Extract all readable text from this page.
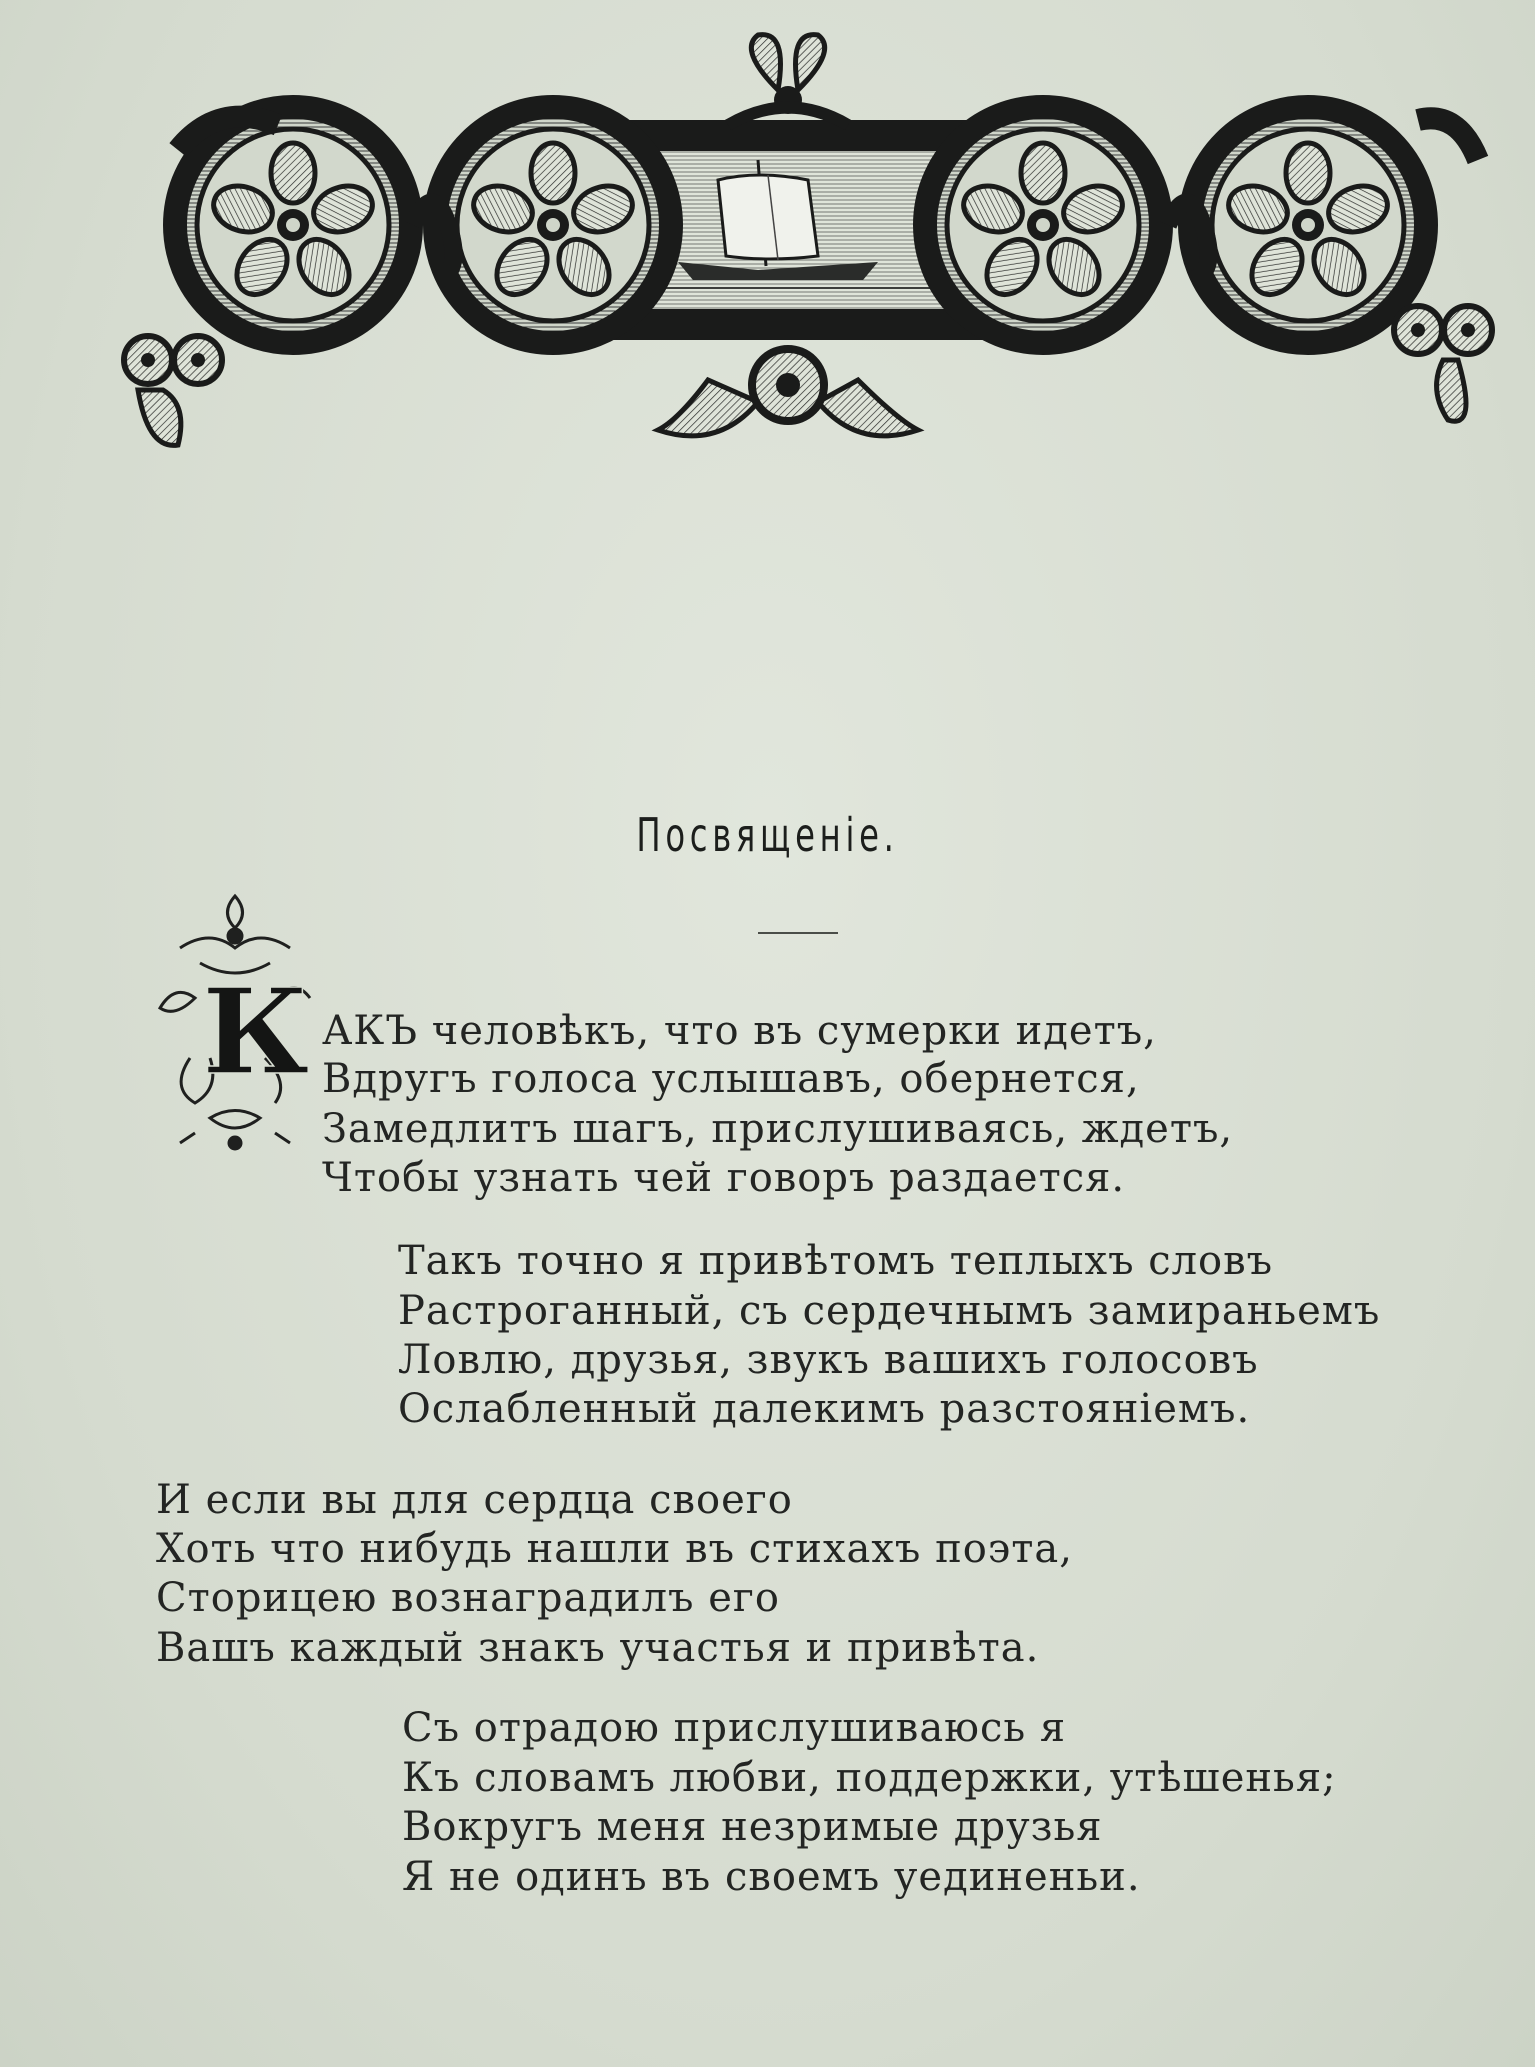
Посвященіе.
К АКЪ человѣкъ, что въ сумерки идетъ,
Вдругъ голоса услышавъ, обернется,
Замедлитъ шагъ, прислушиваясь, ждетъ,
Чтобы узнать чей говоръ раздается.
Такъ точно я привѣтомъ теплыхъ словъ
Растроганный, съ сердечнымъ замираньемъ
Ловлю, друзья, звукъ вашихъ голосовъ
Ослабленный далекимъ разстояніемъ.
И если вы для сердца своего
Хоть что нибудь нашли въ стихахъ поэта,
Сторицею вознаградилъ его
Вашъ каждый знакъ участья и привѣта.
Съ отрадою прислушиваюсь я
Къ словамъ любви, поддержки, утѣшенья;
Вокругъ меня незримые друзья
Я не одинъ въ своемъ уединеньи.
